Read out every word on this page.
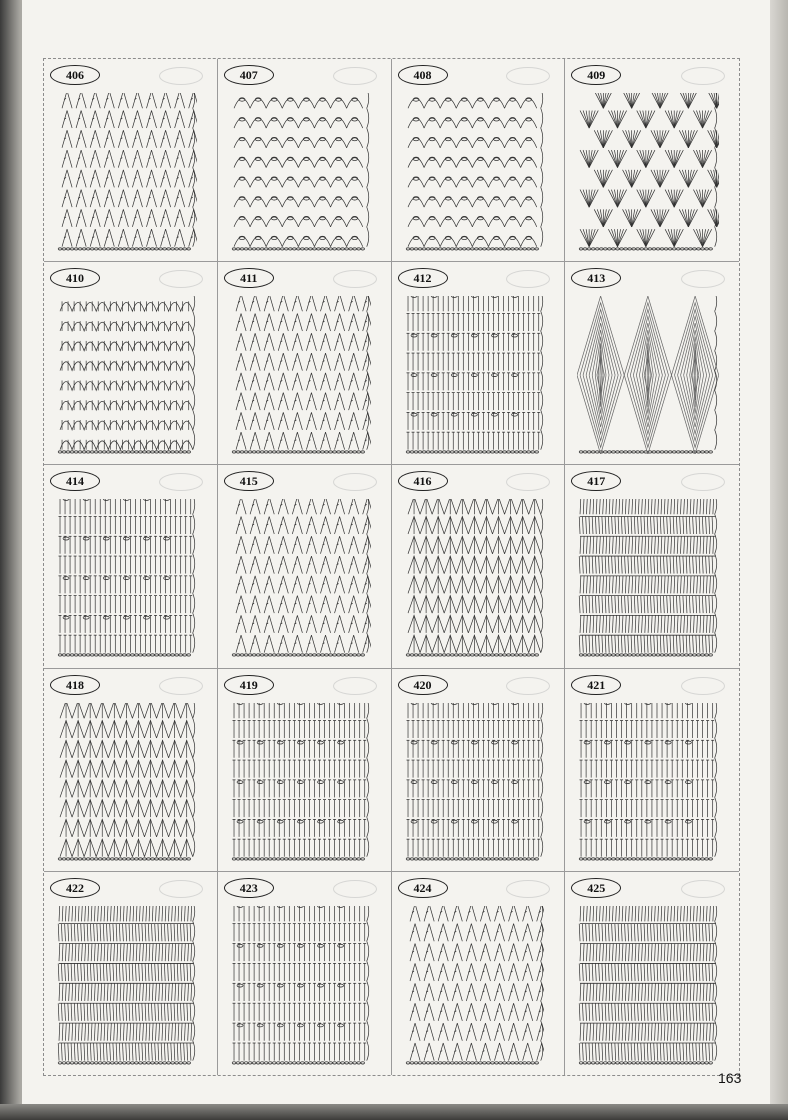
406	407	408	409
410	411	412	413
414	415	416	417
418	419	420	421
422	423	424	425
163
